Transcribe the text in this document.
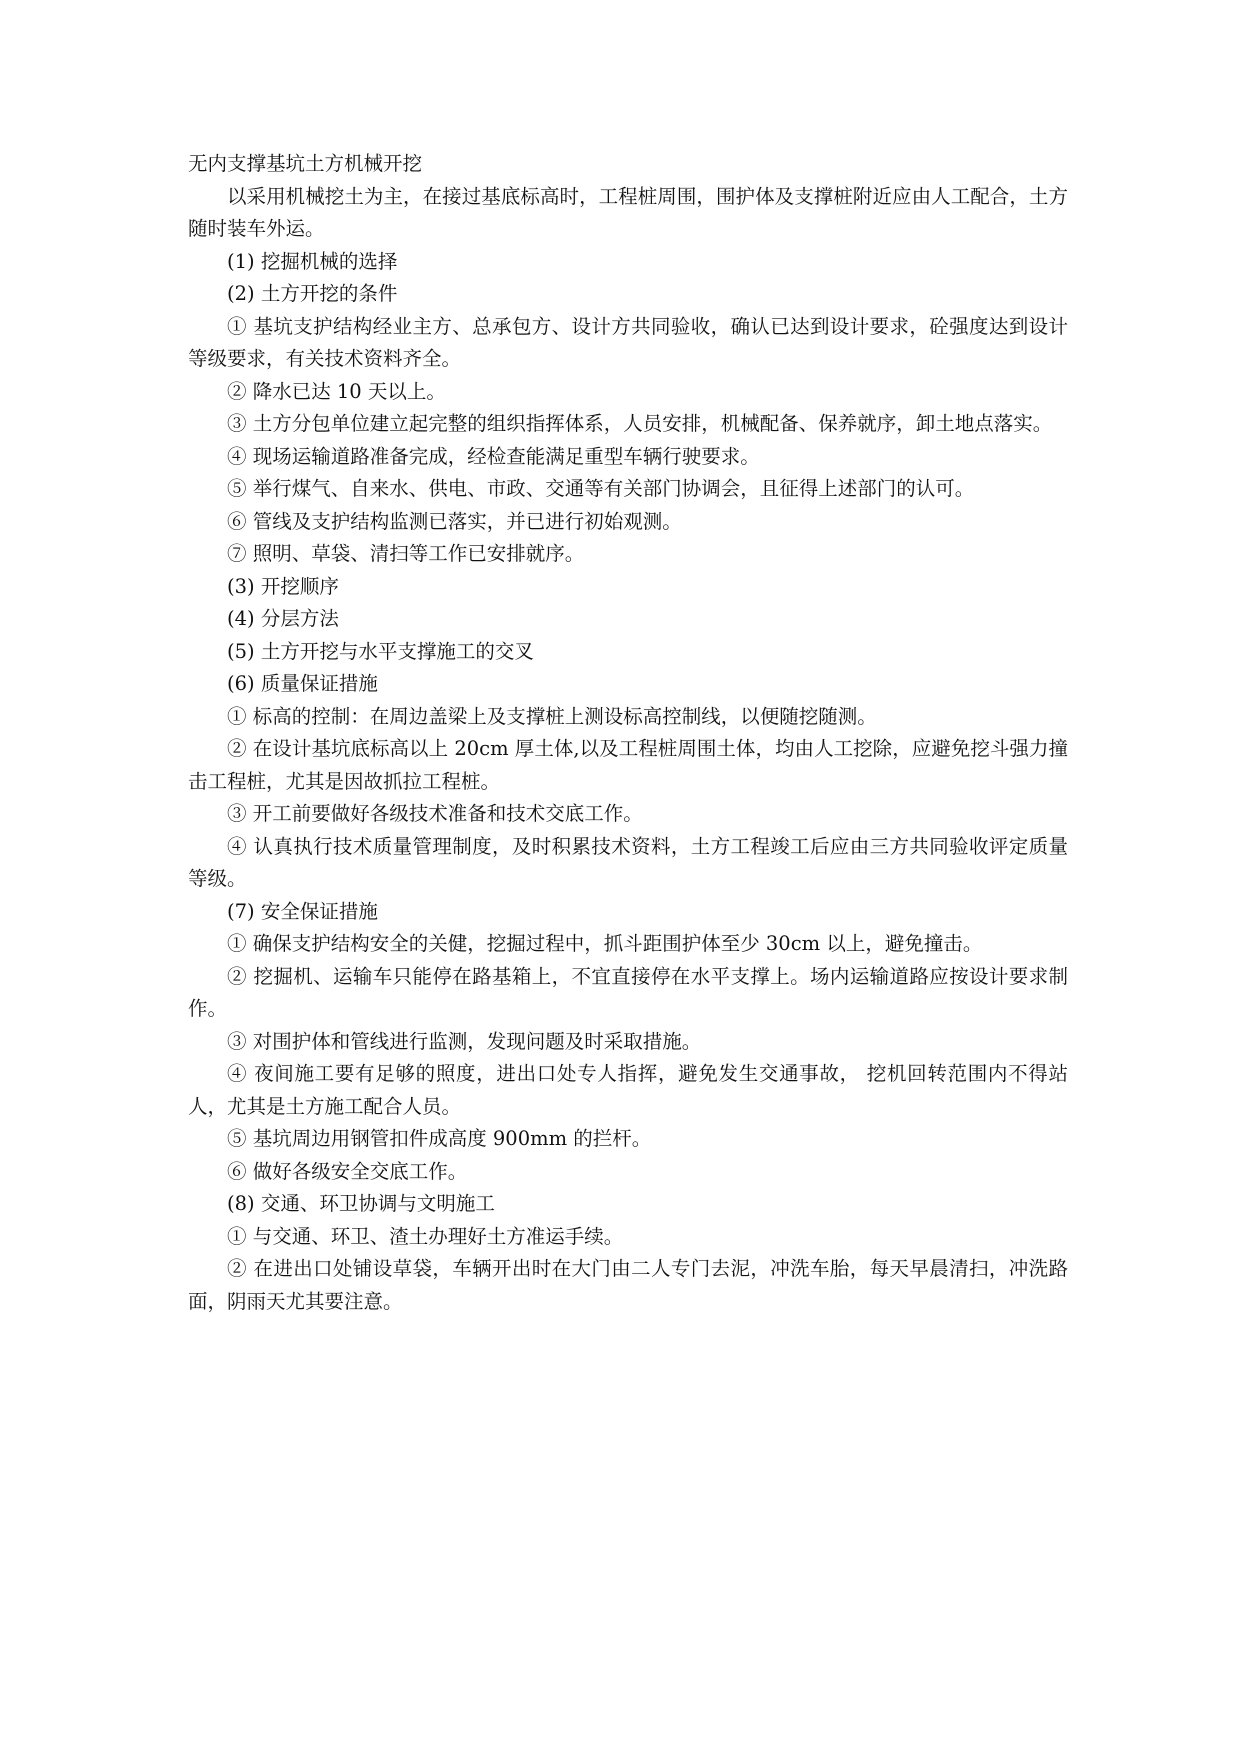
无内支撑基坑土方机械开挖

以采用机械挖土为主，在接过基底标高时，工程桩周围，围护体及支撑桩附近应由人工配合，土方随时装车外运。

(1) 挖掘机械的选择

(2) 土方开挖的条件

① 基坑支护结构经业主方、总承包方、设计方共同验收，确认已达到设计要求，砼强度达到设计等级要求，有关技术资料齐全。

② 降水已达 10 天以上。

③ 土方分包单位建立起完整的组织指挥体系，人员安排，机械配备、保养就序，卸土地点落实。

④ 现场运输道路准备完成，经检查能满足重型车辆行驶要求。

⑤ 举行煤气、自来水、供电、市政、交通等有关部门协调会，且征得上述部门的认可。

⑥ 管线及支护结构监测已落实，并已进行初始观测。

⑦ 照明、草袋、清扫等工作已安排就序。

(3) 开挖顺序

(4) 分层方法

(5) 土方开挖与水平支撑施工的交叉

(6) 质量保证措施

① 标高的控制：在周边盖梁上及支撑桩上测设标高控制线，以便随挖随测。

② 在设计基坑底标高以上 20cm 厚土体,以及工程桩周围土体，均由人工挖除，应避免挖斗强力撞击工程桩，尤其是因故抓拉工程桩。

③ 开工前要做好各级技术准备和技术交底工作。

④ 认真执行技术质量管理制度，及时积累技术资料，土方工程竣工后应由三方共同验收评定质量等级。

(7) 安全保证措施

① 确保支护结构安全的关健，挖掘过程中，抓斗距围护体至少 30cm 以上，避免撞击。

② 挖掘机、运输车只能停在路基箱上，不宜直接停在水平支撑上。场内运输道路应按设计要求制作。

③ 对围护体和管线进行监测，发现问题及时采取措施。

④ 夜间施工要有足够的照度，进出口处专人指挥，避免发生交通事故， 挖机回转范围内不得站人，尤其是土方施工配合人员。

⑤ 基坑周边用钢管扣件成高度 900mm 的拦杆。

⑥ 做好各级安全交底工作。

(8) 交通、环卫协调与文明施工

① 与交通、环卫、渣土办理好土方准运手续。

② 在进出口处铺设草袋，车辆开出时在大门由二人专门去泥，冲洗车胎，每天早晨清扫，冲洗路面，阴雨天尤其要注意。
